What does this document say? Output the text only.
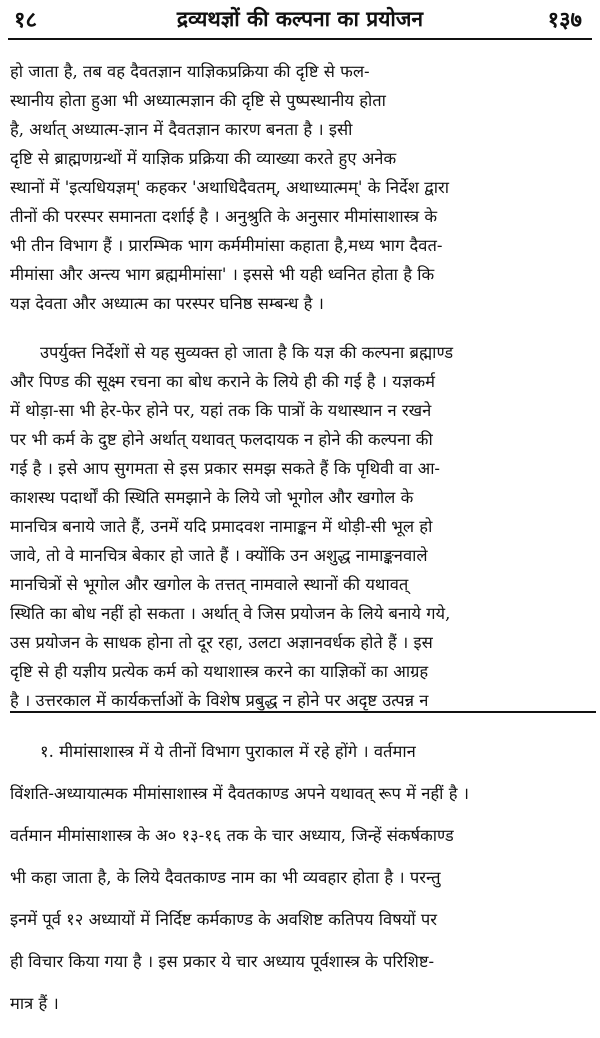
१८	द्रव्यथज्ञों की कल्पना का प्रयोजन	१३७
हो जाता है, तब वह दैवतज्ञान याज्ञिकप्रक्रिया की दृष्टि से फल-
स्थानीय होता हुआ भी अध्यात्मज्ञान की दृष्टि से पुष्पस्थानीय होता
है, अर्थात् अध्यात्म-ज्ञान में दैवतज्ञान कारण बनता है । इसी
दृष्टि से ब्राह्मणग्रन्थों में याज्ञिक प्रक्रिया की व्याख्या करते हुए अनेक
स्थानों में 'इत्यधियज्ञम्' कहकर 'अथाधिदैवतम्, अथाध्यात्मम्' के निर्देश द्वारा
तीनों की परस्पर समानता दर्शाई है । अनुश्रुति के अनुसार मीमांसाशास्त्र के
भी तीन विभाग हैं । प्रारम्भिक भाग कर्ममीमांसा कहाता है,मध्य भाग दैवत-
मीमांसा और अन्त्य भाग ब्रह्ममीमांसा' । इससे भी यही ध्वनित होता है कि
यज्ञ देवता और अध्यात्म का परस्पर घनिष्ठ सम्बन्ध है ।
उपर्युक्त निर्देशों से यह सुव्यक्त हो जाता है कि यज्ञ की कल्पना ब्रह्माण्ड
और पिण्ड की सूक्ष्म रचना का बोध कराने के लिये ही की गई है । यज्ञकर्म
में थोड़ा-सा भी हेर-फेर होने पर, यहां तक कि पात्रों के यथास्थान न रखने
पर भी कर्म के दुष्ट होने अर्थात् यथावत् फलदायक न होने की कल्पना की
गई है । इसे आप सुगमता से इस प्रकार समझ सकते हैं कि पृथिवी वा आ-
काशस्थ पदार्थों की स्थिति समझाने के लिये जो भूगोल और खगोल के
मानचित्र बनाये जाते हैं, उनमें यदि प्रमादवश नामाङ्कन में थोड़ी-सी भूल हो
जावे, तो वे मानचित्र बेकार हो जाते हैं । क्योंकि उन अशुद्ध नामाङ्कनवाले
मानचित्रों से भूगोल और खगोल के तत्तत् नामवाले स्थानों की यथावत्
स्थिति का बोध नहीं हो सकता । अर्थात् वे जिस प्रयोजन के लिये बनाये गये,
उस प्रयोजन के साधक होना तो दूर रहा, उलटा अज्ञानवर्धक होते हैं । इस
दृष्टि से ही यज्ञीय प्रत्येक कर्म को यथाशास्त्र करने का याज्ञिकों का आग्रह
है । उत्तरकाल में कार्यकर्त्ताओं के विशेष प्रबुद्ध न होने पर अदृष्ट उत्पन्न न
१. मीमांसाशास्त्र में ये तीनों विभाग पुराकाल में रहे होंगे । वर्तमान
विंशति-अध्यायात्मक मीमांसाशास्त्र में दैवतकाण्ड अपने यथावत् रूप में नहीं है ।
वर्तमान मीमांसाशास्त्र के अ० १३-१६ तक के चार अध्याय, जिन्हें संकर्षकाण्ड
भी कहा जाता है, के लिये दैवतकाण्ड नाम का भी व्यवहार होता है । परन्तु
इनमें पूर्व १२ अध्यायों में निर्दिष्ट कर्मकाण्ड के अवशिष्ट कतिपय विषयों पर
ही विचार किया गया है । इस प्रकार ये चार अध्याय पूर्वशास्त्र के परिशिष्ट-
मात्र हैं ।
